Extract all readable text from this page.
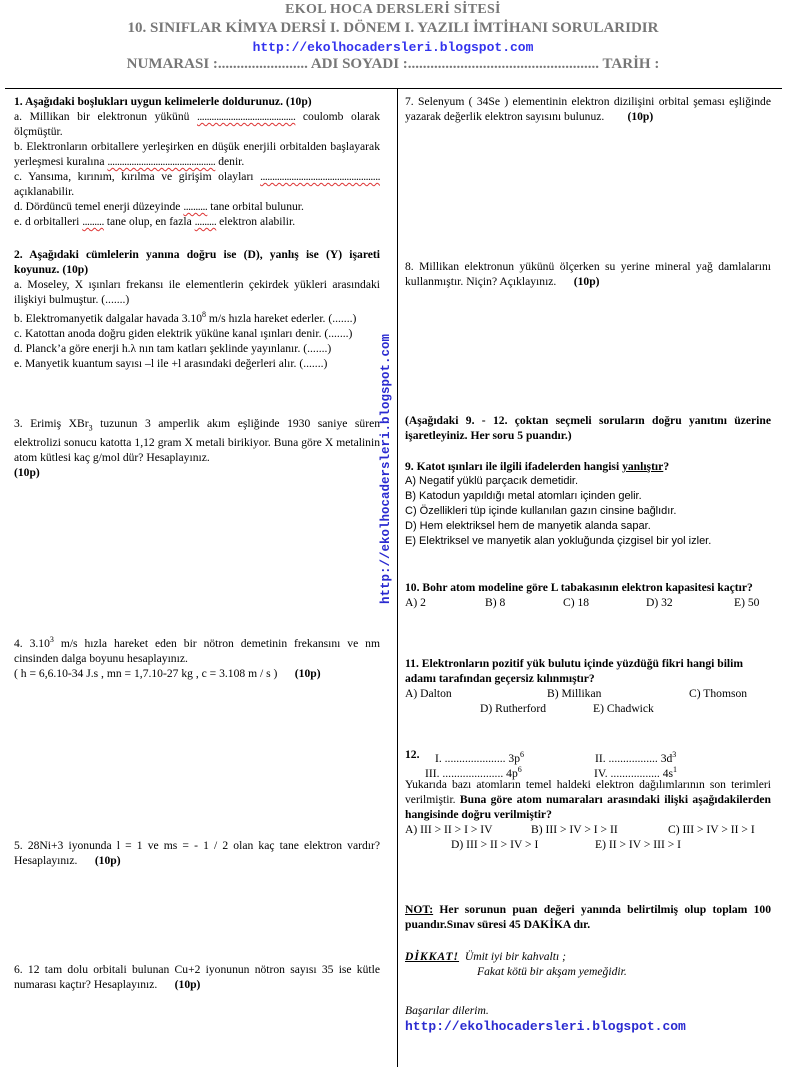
EKOL HOCA DERSLERİ SİTESİ
10. SINIFLAR KİMYA DERSİ I. DÖNEM I. YAZILI İMTİHANI SORULARIDIR
http://ekolhocadersleri.blogspot.com
NUMARASI :........................ ADI SOYADI :................................................... TARİH :
http://ekolhocadersleri.blogspot.com

1. Aşağıdaki boşlukları uygun kelimelerle doldurunuz. (10p)

a. Millikan bir elektronun yükünü ......................................... coulomb olarak ölçmüştür.

b. Elektronların orbitallere yerleşirken en düşük enerjili orbitalden başlayarak yerleşmesi kuralına ............................................. denir.

c. Yansıma, kırınım, kırılma ve girişim olayları .................................................. açıklanabilir.

d. Dördüncü temel enerji düzeyinde .......... tane orbital bulunur.

e. d orbitalleri ......... tane olup, en fazla ......... elektron alabilir.

2. Aşağıdaki cümlelerin yanına doğru ise (D), yanlış ise (Y) işareti koyunuz. (10p)

a. Moseley, X ışınları frekansı ile elementlerin çekirdek yükleri arasındaki ilişkiyi bulmuştur. (.......)

b. Elektromanyetik dalgalar havada 3.10$^8$ m/s hızla hareket ederler. (.......)

c. Katottan anoda doğru giden elektrik yüküne kanal ışınları denir. (.......)

d. Planck’a göre enerji h.λ nın tam katları şeklinde yayınlanır. (.......)

e. Manyetik kuantum sayısı –l ile +l arasındaki değerleri alır. (.......)

3. Erimiş XBr$_3$ tuzunun 3 amperlik akım eşliğinde 1930 saniye süren elektrolizi sonucu katotta 1,12 gram X metali birikiyor. Buna göre X metalinin atom kütlesi kaç g/mol dür? Hesaplayınız.

(10p)

4. 3.10$^3$ m/s hızla hareket eden bir nötron demetinin frekansını ve nm cinsinden dalga boyunu hesaplayınız.

( h = 6,6.10-34 J.s , mn = 1,7.10-27 kg , c = 3.108 m / s ) (10p)

5. 28Ni+3 iyonunda l = 1 ve ms = - 1 / 2 olan kaç tane elektron vardır? Hesaplayınız. (10p)

6. 12 tam dolu orbitali bulunan Cu+2 iyonunun nötron sayısı 35 ise kütle numarası kaçtır? Hesaplayınız. (10p)

7. Selenyum ( 34Se ) elementinin elektron dizilişini orbital şeması eşliğinde yazarak değerlik elektron sayısını bulunuz. (10p)

8. Millikan elektronun yükünü ölçerken su yerine mineral yağ damlalarını kullanmıştır. Niçin? Açıklayınız. (10p)

(Aşağıdaki 9. - 12. çoktan seçmeli soruların doğru yanıtını üzerine işaretleyiniz. Her soru 5 puandır.)

9. Katot ışınları ile ilgili ifadelerden hangisi yanlıştır?

A) Negatif yüklü parçacık demetidir.

B) Katodun yapıldığı metal atomları içinden gelir.

C) Özellikleri tüp içinde kullanılan gazın cinsine bağlıdır.

D) Hem elektriksel hem de manyetik alanda sapar.

E) Elektriksel ve manyetik alan yokluğunda çizgisel bir yol izler.

10. Bohr atom modeline göre L tabakasının elektron kapasitesi kaçtır?

A) 2	B) 8	C) 18	D) 32	E) 50

11. Elektronların pozitif yük bulutu içinde yüzdüğü fikri hangi bilim adamı tarafından geçersiz kılınmıştır?

A) Dalton	B) Millikan	C) Thomson
D) Rutherford	E) Chadwick
12. I. ..................... $3p^6$	II. ................. $3d^3$
III. ..................... $4p^6$	IV. ................. $4s^1$

Yukarıda bazı atomların temel haldeki elektron dağılımlarının son terimleri verilmiştir. Buna göre atom numaraları arasındaki ilişki aşağıdakilerden hangisinde doğru verilmiştir?

A) III > II > I > IV	B) III > IV > I > II	C) III > IV > II > I
D) III > II > IV > I	E) II > IV > III > I

NOT: Her sorunun puan değeri yanında belirtilmiş olup toplam 100 puandır.Sınav süresi 45 DAKİKA dır.

DİKKAT! Ümit iyi bir kahvaltı ;

Fakat kötü bir akşam yemeğidir.

Başarılar dilerim.
http://ekolhocadersleri.blogspot.com
